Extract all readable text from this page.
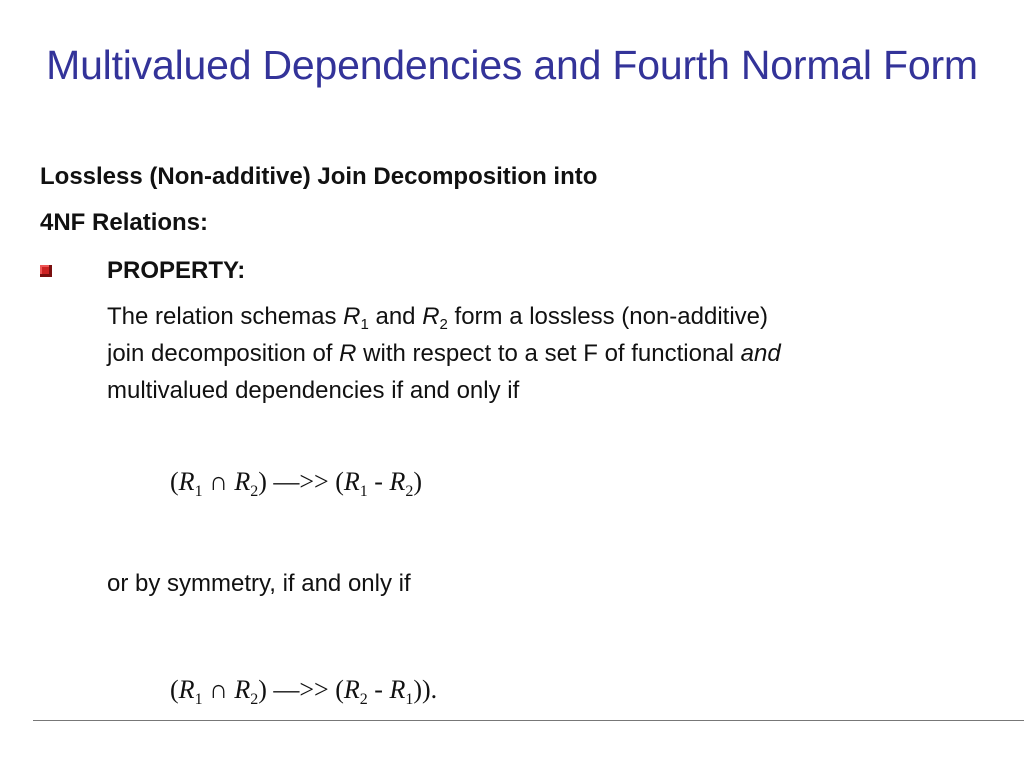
Multivalued Dependencies and Fourth Normal Form
Lossless (Non-additive) Join Decomposition into
4NF Relations:
PROPERTY:
The relation schemas $R_1$ and $R_2$ form a lossless (non-additive)
join decomposition of R with respect to a set F of functional and
multivalued dependencies if and only if
($R_1$ ∩ $R_2$) —>> $(R_1 - R_2)$
or by symmetry, if and only if
($R_1$ ∩ $R_2$) —>> $(R_2 - R_1)$).
